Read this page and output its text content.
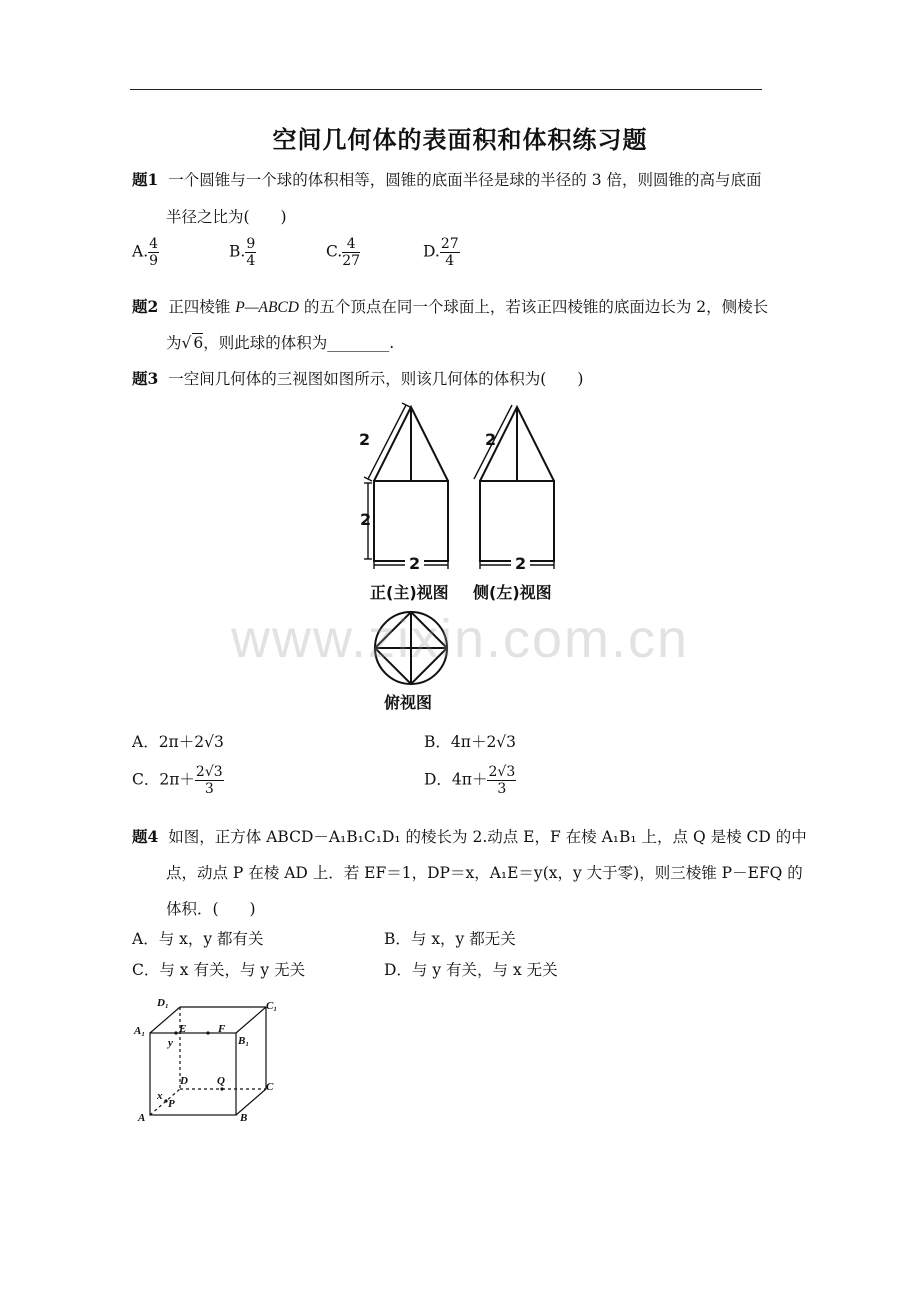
空间几何体的表面积和体积练习题
题1 一个圆锥与一个球的体积相等，圆锥的底面半径是球的半径的 3 倍，则圆锥的高与底面
半径之比为(　　)
A. $\frac{4}{9}$	B. $\frac{9}{4}$	C. $\frac{4}{27}$	D. $\frac{27}{4}$
题2 正四棱锥 P—ABCD 的五个顶点在同一个球面上，若该正四棱锥的底面边长为 2，侧棱长
为√ 6，则此球的体积为________.
题3 一空间几何体的三视图如图所示，则该几何体的体积为(　　)
2
2
2
2
2
正(主)视图 侧(左)视图
俯视图
www.zixin.com.cn
A．2π＋2√3	B．4π＋2√3
C．$2\pi+ \frac{2√3}{3}$	D．$4\pi+ \frac{2√3}{3}$
题4 如图，正方体 ABCD－A₁B₁C₁D₁ 的棱长为 2.动点 E，F 在棱 A₁B₁ 上，点 Q 是棱 CD 的中
点，动点 P 在棱 AD 上．若 EF＝1，DP＝x，A₁E＝y(x，y 大于零)，则三棱锥 P－EFQ 的
体积．(　　)
A．与 x，y 都有关	B．与 x，y 都无关
C．与 x 有关，与 y 无关	D．与 y 有关，与 x 无关
D₁	C₁
A₁
B₁
E	F
y
D	Q	C
x
P
A	B
